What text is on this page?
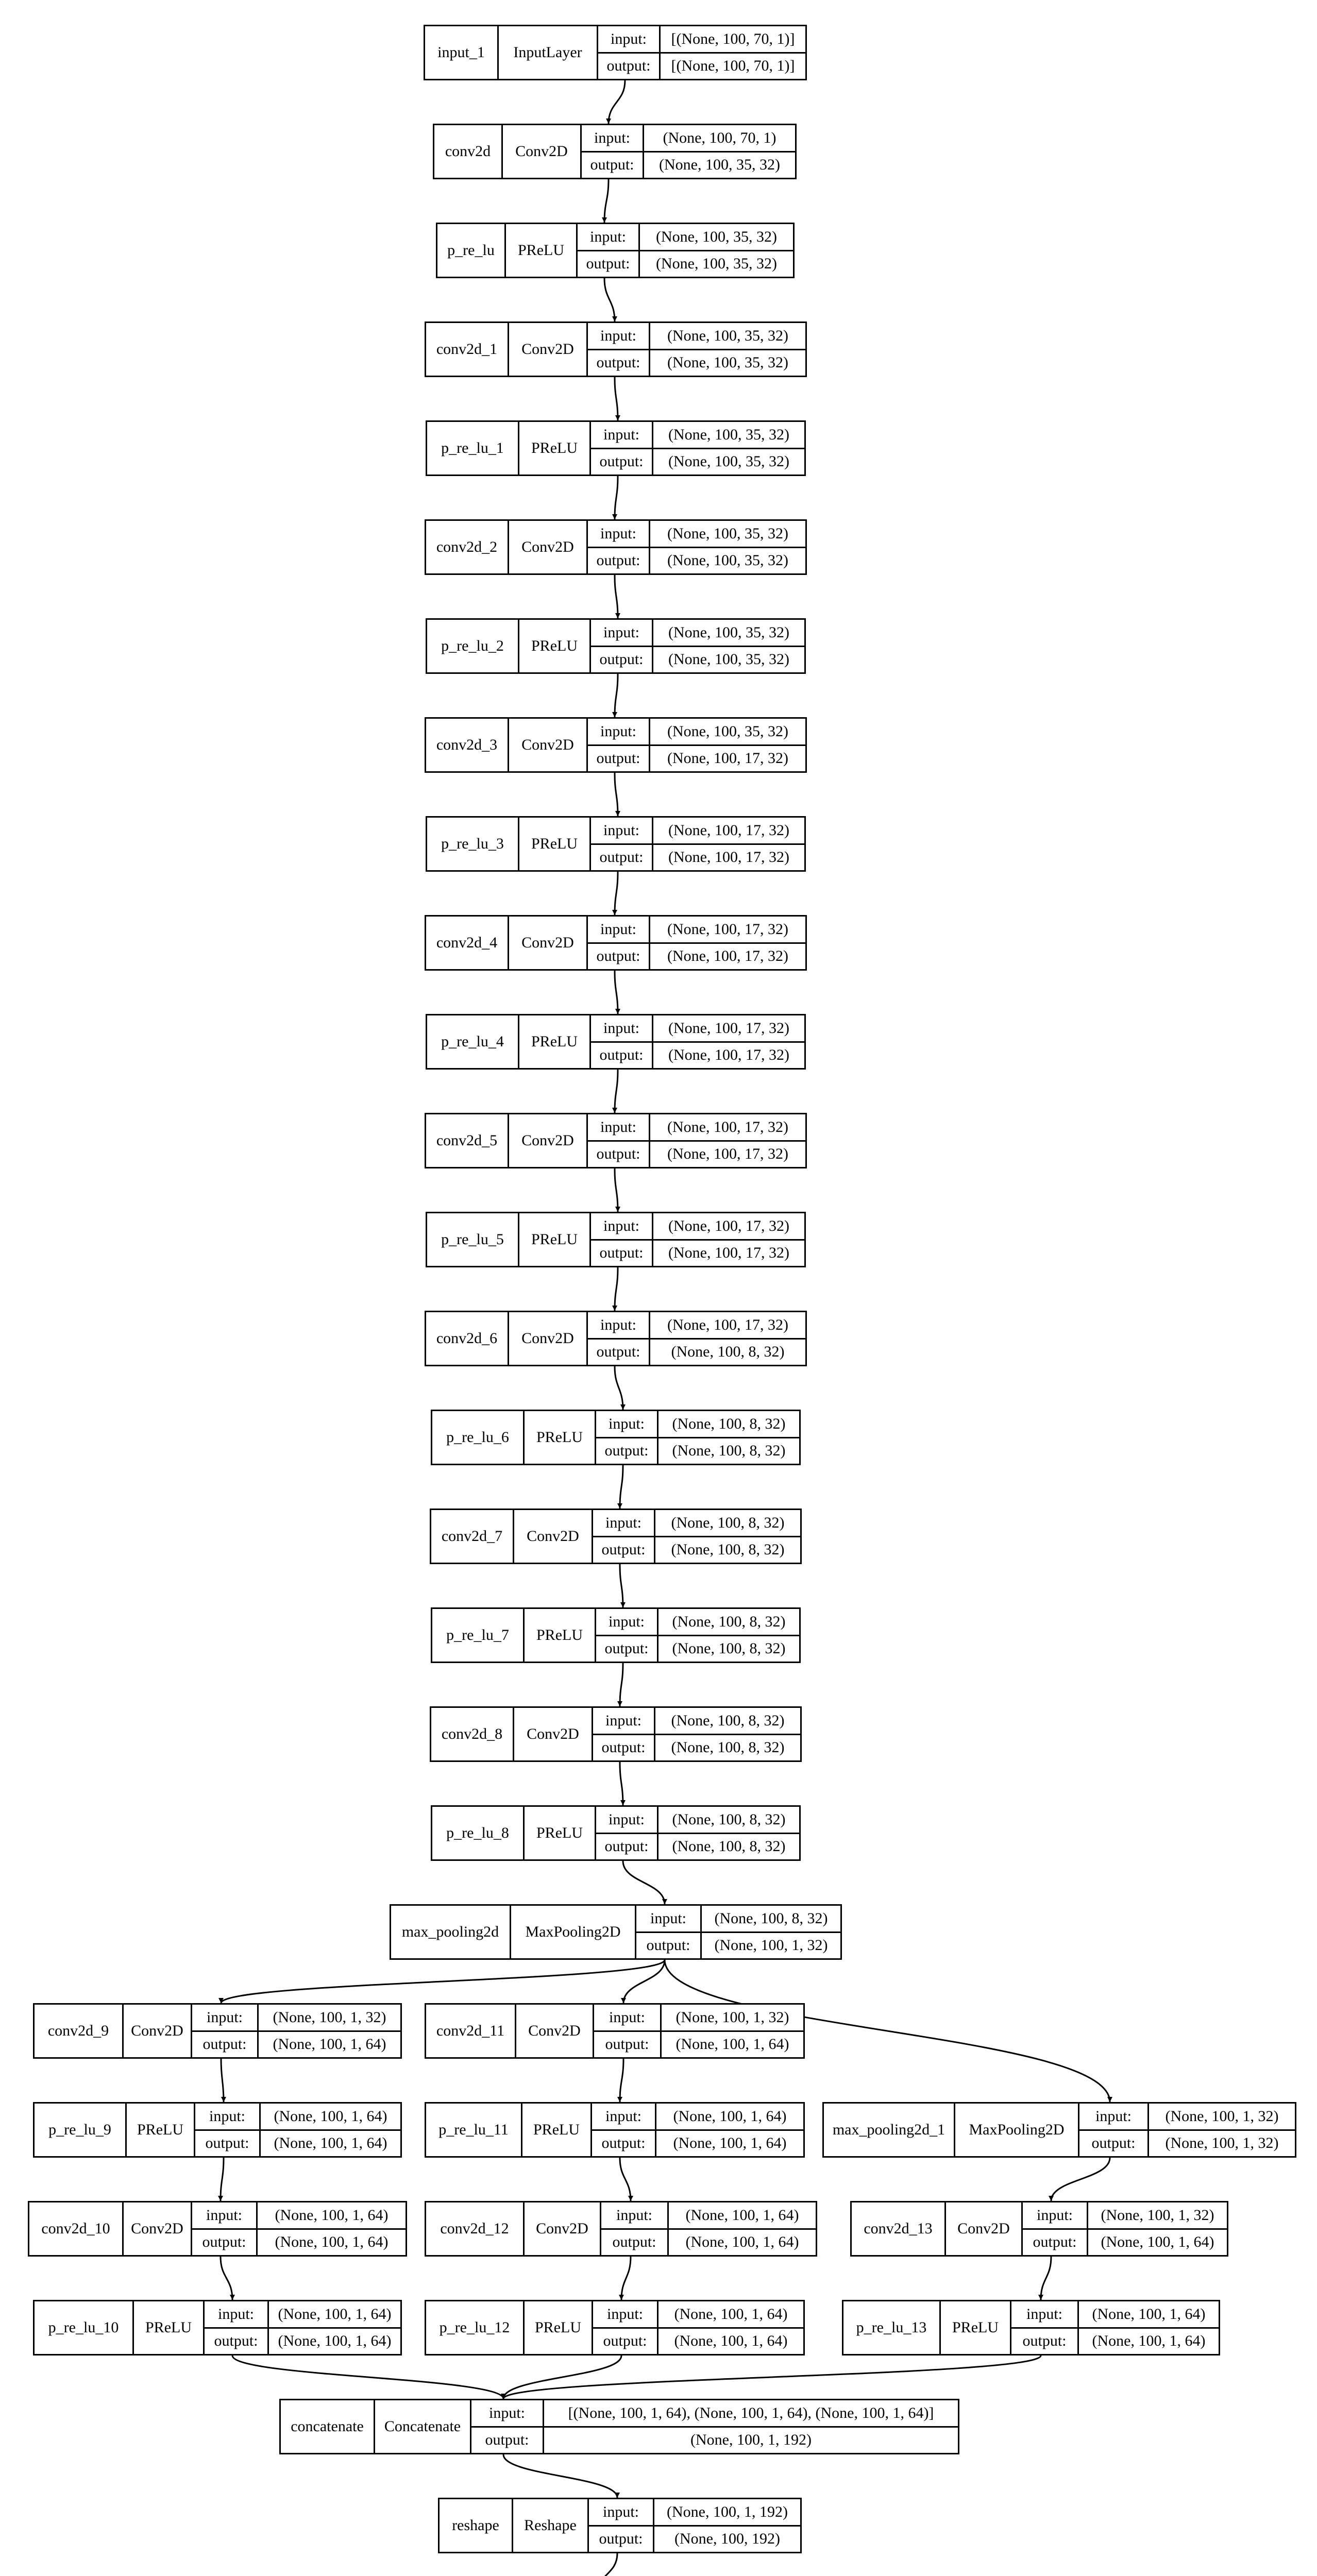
input_1	InputLayer
input:	[(None, 100, 70, 1)]
output:	[(None, 100, 70, 1)]
conv2d	Conv2D
input:	(None, 100, 70, 1)
output:	(None, 100, 35, 32)
p_re_lu	PReLU
input:	(None, 100, 35, 32)
output:	(None, 100, 35, 32)
conv2d_1	Conv2D
input:	(None, 100, 35, 32)
output:	(None, 100, 35, 32)
p_re_lu_1	PReLU
input:	(None, 100, 35, 32)
output:	(None, 100, 35, 32)
conv2d_2	Conv2D
input:	(None, 100, 35, 32)
output:	(None, 100, 35, 32)
p_re_lu_2	PReLU
input:	(None, 100, 35, 32)
output:	(None, 100, 35, 32)
conv2d_3	Conv2D
input:	(None, 100, 35, 32)
output:	(None, 100, 17, 32)
p_re_lu_3	PReLU
input:	(None, 100, 17, 32)
output:	(None, 100, 17, 32)
conv2d_4	Conv2D
input:	(None, 100, 17, 32)
output:	(None, 100, 17, 32)
p_re_lu_4	PReLU
input:	(None, 100, 17, 32)
output:	(None, 100, 17, 32)
conv2d_5	Conv2D
input:	(None, 100, 17, 32)
output:	(None, 100, 17, 32)
p_re_lu_5	PReLU
input:	(None, 100, 17, 32)
output:	(None, 100, 17, 32)
conv2d_6	Conv2D
input:	(None, 100, 17, 32)
output:	(None, 100, 8, 32)
p_re_lu_6	PReLU
input:	(None, 100, 8, 32)
output:	(None, 100, 8, 32)
conv2d_7	Conv2D
input:	(None, 100, 8, 32)
output:	(None, 100, 8, 32)
p_re_lu_7	PReLU
input:	(None, 100, 8, 32)
output:	(None, 100, 8, 32)
conv2d_8	Conv2D
input:	(None, 100, 8, 32)
output:	(None, 100, 8, 32)
p_re_lu_8	PReLU
input:	(None, 100, 8, 32)
output:	(None, 100, 8, 32)
max_pooling2d	MaxPooling2D
input:	(None, 100, 8, 32)
output:	(None, 100, 1, 32)
conv2d_9	Conv2D
input:	(None, 100, 1, 32)
output:	(None, 100, 1, 64)
conv2d_11	Conv2D
input:	(None, 100, 1, 32)
output:	(None, 100, 1, 64)
p_re_lu_9	PReLU
input:	(None, 100, 1, 64)
output:	(None, 100, 1, 64)
p_re_lu_11	PReLU
input:	(None, 100, 1, 64)
output:	(None, 100, 1, 64)
max_pooling2d_1	MaxPooling2D
input:	(None, 100, 1, 32)
output:	(None, 100, 1, 32)
conv2d_10	Conv2D
input:	(None, 100, 1, 64)
output:	(None, 100, 1, 64)
conv2d_12	Conv2D
input:	(None, 100, 1, 64)
output:	(None, 100, 1, 64)
conv2d_13	Conv2D
input:	(None, 100, 1, 32)
output:	(None, 100, 1, 64)
p_re_lu_10	PReLU
input:	(None, 100, 1, 64)
output:	(None, 100, 1, 64)
p_re_lu_12	PReLU
input:	(None, 100, 1, 64)
output:	(None, 100, 1, 64)
p_re_lu_13	PReLU
input:	(None, 100, 1, 64)
output:	(None, 100, 1, 64)
concatenate	Concatenate
input:	[(None, 100, 1, 64), (None, 100, 1, 64), (None, 100, 1, 64)]
output:	(None, 100, 1, 192)
reshape	Reshape
input:	(None, 100, 1, 192)
output:	(None, 100, 192)
